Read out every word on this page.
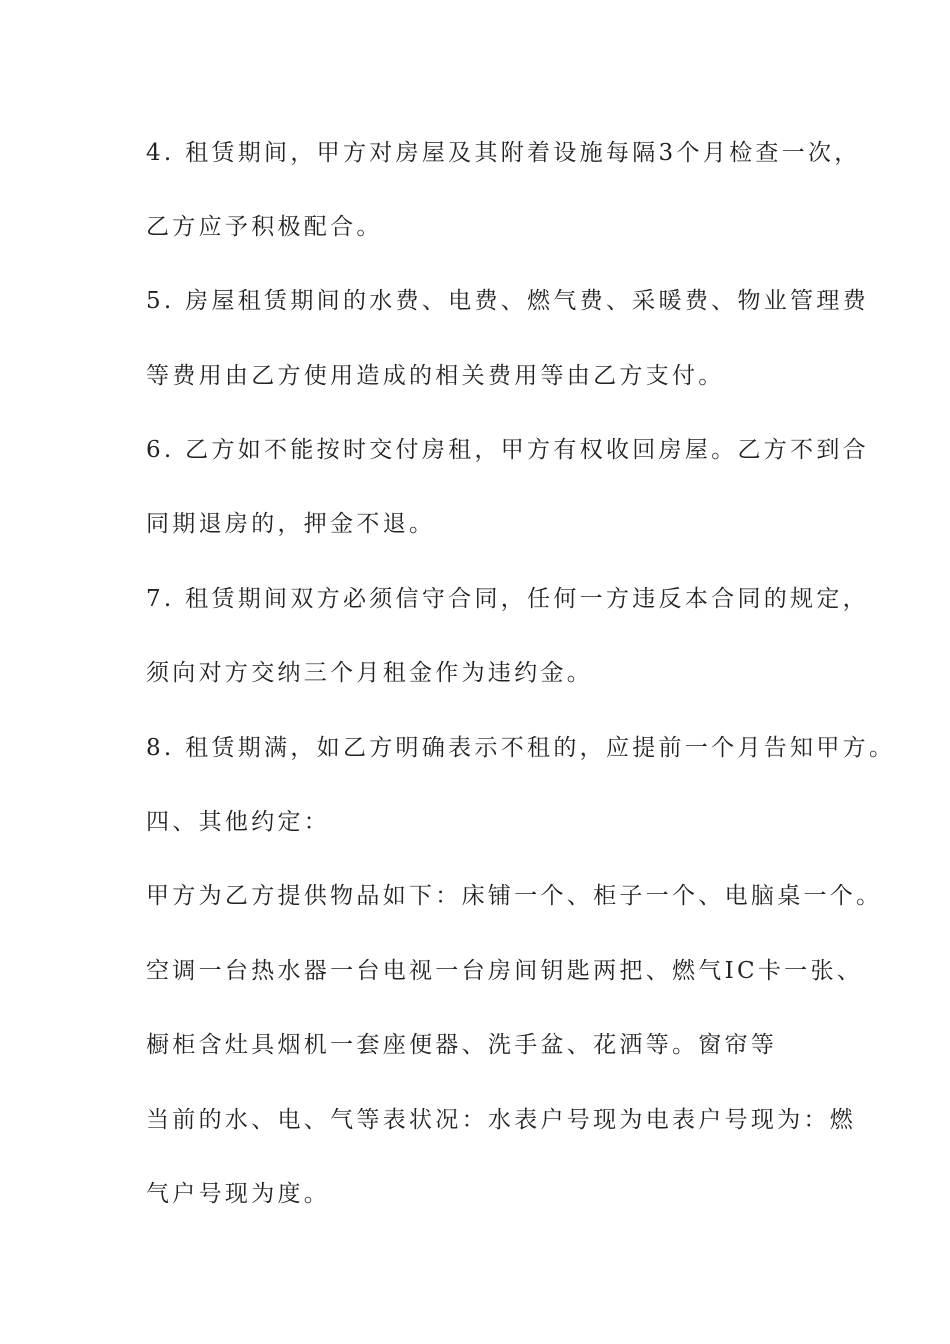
4. 租赁期间，甲方对房屋及其附着设施每隔3个月检查一次，
乙方应予积极配合。
5. 房屋租赁期间的水费、电费、燃气费、采暖费、物业管理费
等费用由乙方使用造成的相关费用等由乙方支付。
6. 乙方如不能按时交付房租，甲方有权收回房屋。乙方不到合
同期退房的，押金不退。
7. 租赁期间双方必须信守合同，任何一方违反本合同的规定，
须向对方交纳三个月租金作为违约金。
8. 租赁期满，如乙方明确表示不租的，应提前一个月告知甲方。
四、其他约定：
甲方为乙方提供物品如下：床铺一个、柜子一个、电脑桌一个。
空调一台热水器一台电视一台房间钥匙两把、燃气IC卡一张、
橱柜含灶具烟机一套座便器、洗手盆、花洒等。窗帘等
当前的水、电、气等表状况：水表户号现为电表户号现为：燃
气户号现为度。
